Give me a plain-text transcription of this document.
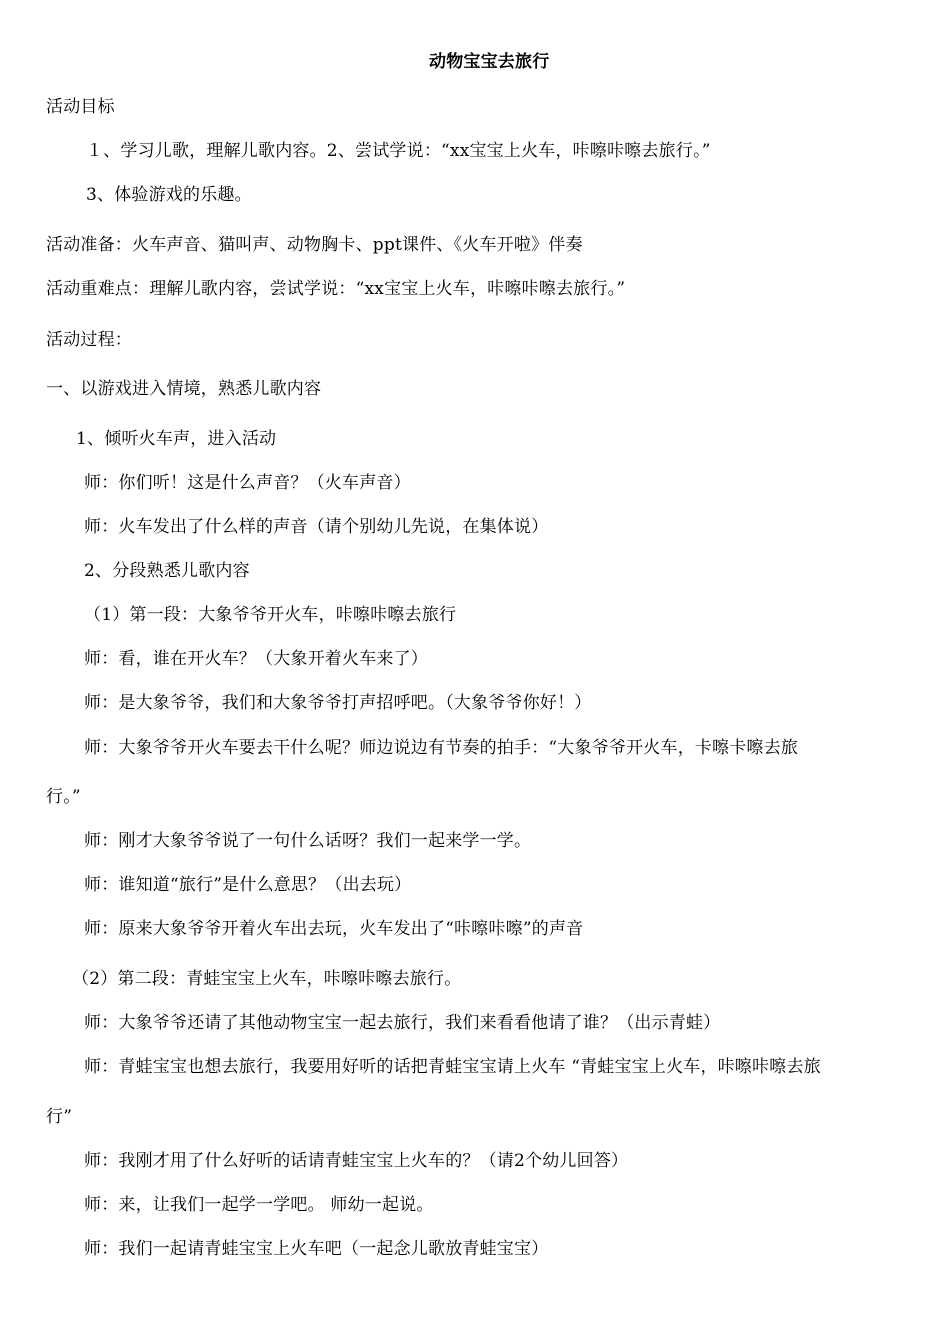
动物宝宝去旅行
活动目标
１、学习儿歌，理解儿歌内容。2、尝试学说：“xx宝宝上火车，咔嚓咔嚓去旅行。”
3、体验游戏的乐趣。
活动准备：火车声音、猫叫声、动物胸卡、ppt课件、《火车开啦》伴奏
活动重难点：理解儿歌内容，尝试学说：“xx宝宝上火车，咔嚓咔嚓去旅行。”
活动过程：
一、以游戏进入情境，熟悉儿歌内容
1、倾听火车声，进入活动
师：你们听！这是什么声音？（火车声音）
师：火车发出了什么样的声音（请个别幼儿先说，在集体说）
2、分段熟悉儿歌内容
（1）第一段：大象爷爷开火车，咔嚓咔嚓去旅行
师：看，谁在开火车？（大象开着火车来了）
师：是大象爷爷，我们和大象爷爷打声招呼吧。（大象爷爷你好！）
师：大象爷爷开火车要去干什么呢？师边说边有节奏的拍手：“大象爷爷开火车，卡嚓卡嚓去旅
行。”
师：刚才大象爷爷说了一句什么话呀？我们一起来学一学。
师：谁知道“旅行”是什么意思？（出去玩）
师：原来大象爷爷开着火车出去玩，火车发出了“咔嚓咔嚓”的声音
（2）第二段：青蛙宝宝上火车，咔嚓咔嚓去旅行。
师：大象爷爷还请了其他动物宝宝一起去旅行，我们来看看他请了谁？（出示青蛙）
师：青蛙宝宝也想去旅行，我要用好听的话把青蛙宝宝请上火车 “青蛙宝宝上火车，咔嚓咔嚓去旅
行”
师：我刚才用了什么好听的话请青蛙宝宝上火车的？（请2个幼儿回答）
师：来，让我们一起学一学吧。 师幼一起说。
师：我们一起请青蛙宝宝上火车吧（一起念儿歌放青蛙宝宝）
